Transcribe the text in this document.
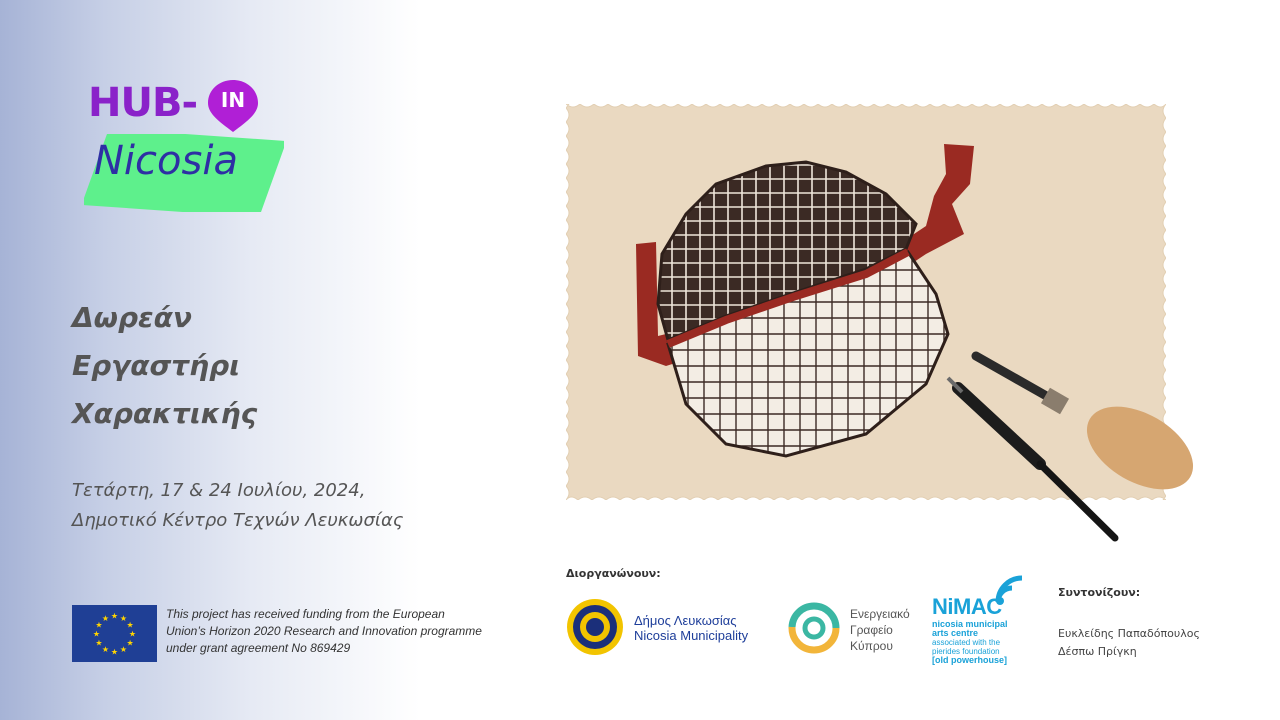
HUB-	IN
Nicosia
Δωρεάν
Εργαστήρι
Χαρακτικής
Τετάρτη, 17 & 24 Ιουλίου, 2024,
Δημοτικό Κέντρο Τεχνών Λευκωσίας
★
★
★
★
★
★
★
★
★ ★ ★
★
This project has received funding from the European Union’s Horizon 2020 Research and Innovation programme under grant agreement No 869429
Διοργανώνουν:
Δήμος Λευκωσίας
Nicosia Municipality
Ενεργειακό
Γραφείο
Κύπρου
NiMAC
nicosia municipal
arts centre
associated with the
pierides foundation
[old powerhouse]
Συντονίζουν:
Ευκλείδης Παπαδόπουλος
Δέσπω Πρίγκη
